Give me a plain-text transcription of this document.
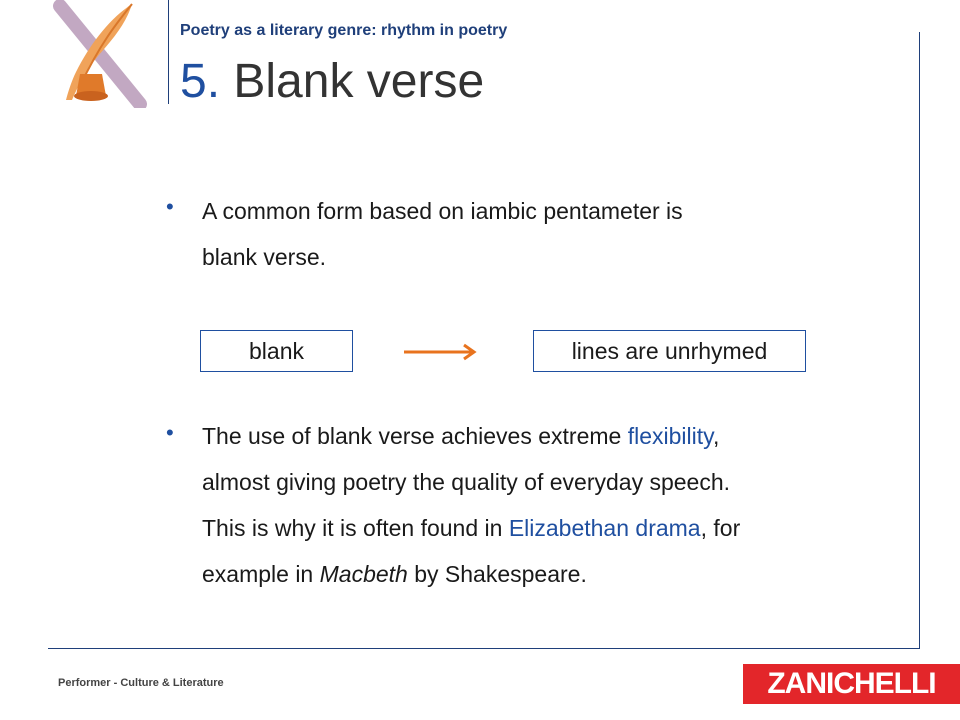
Poetry as a literary genre: rhythm in poetry
5. Blank verse
• A common form based on iambic pentameter is
blank verse.
blank	lines are unrhymed
• The use of blank verse achieves extreme flexibility,
almost giving poetry the quality of everyday speech.
This is why it is often found in Elizabethan drama, for
example in Macbeth by Shakespeare.
Performer - Culture & Literature	ZANICHELLI
